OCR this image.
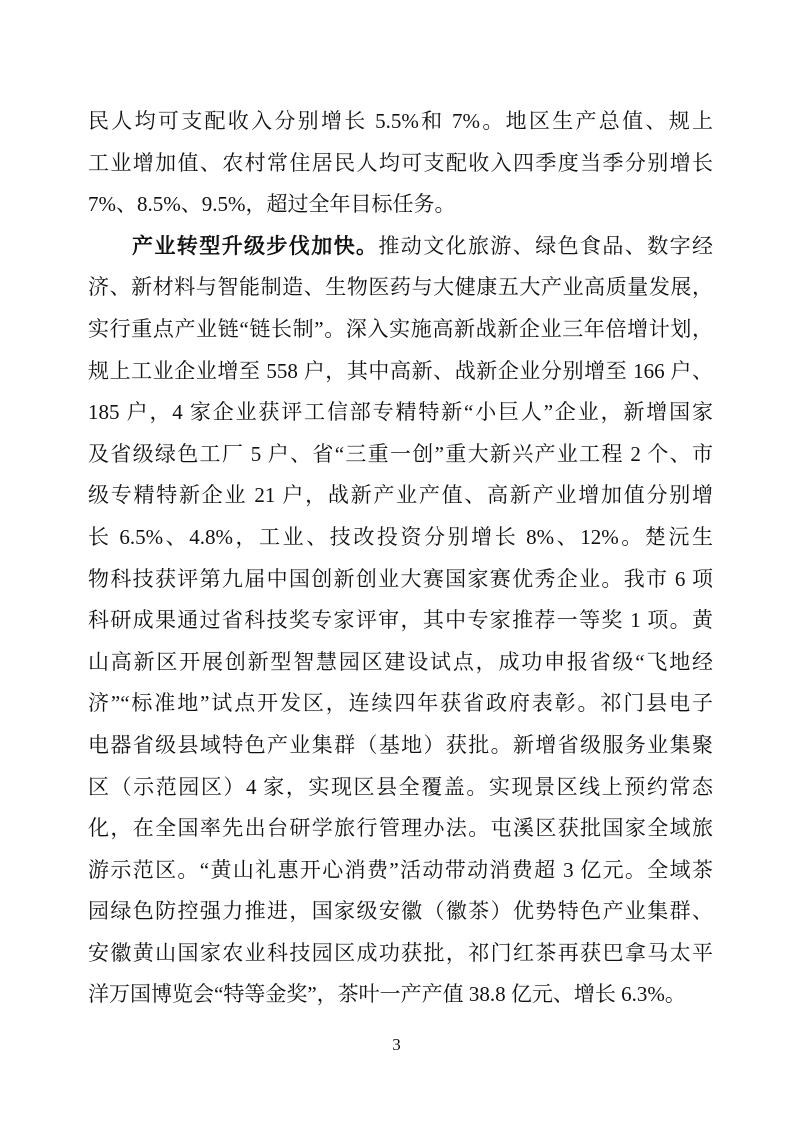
民人均可支配收入分别增长 5.5%和 7%。地区生产总值、规上
工业增加值、农村常住居民人均可支配收入四季度当季分别增长
7%、8.5%、9.5%，超过全年目标任务。
产业转型升级步伐加快。推动文化旅游、绿色食品、数字经
济、新材料与智能制造、生物医药与大健康五大产业高质量发展，
实行重点产业链“链长制”。深入实施高新战新企业三年倍增计划，
规上工业企业增至 558 户，其中高新、战新企业分别增至 166 户、
185 户，4 家企业获评工信部专精特新“小巨人”企业，新增国家
及省级绿色工厂 5 户、省“三重一创”重大新兴产业工程 2 个、市
级专精特新企业 21 户，战新产业产值、高新产业增加值分别增
长 6.5%、4.8%，工业、技改投资分别增长 8%、12%。楚沅生
物科技获评第九届中国创新创业大赛国家赛优秀企业。我市 6 项
科研成果通过省科技奖专家评审，其中专家推荐一等奖 1 项。黄
山高新区开展创新型智慧园区建设试点，成功申报省级“飞地经
济”“标准地”试点开发区，连续四年获省政府表彰。祁门县电子
电器省级县域特色产业集群（基地）获批。新增省级服务业集聚
区（示范园区）4 家，实现区县全覆盖。实现景区线上预约常态
化，在全国率先出台研学旅行管理办法。屯溪区获批国家全域旅
游示范区。“黄山礼惠开心消费”活动带动消费超 3 亿元。全域茶
园绿色防控强力推进，国家级安徽（徽茶）优势特色产业集群、
安徽黄山国家农业科技园区成功获批，祁门红茶再获巴拿马太平
洋万国博览会“特等金奖”，茶叶一产产值 38.8 亿元、增长 6.3%。
3
